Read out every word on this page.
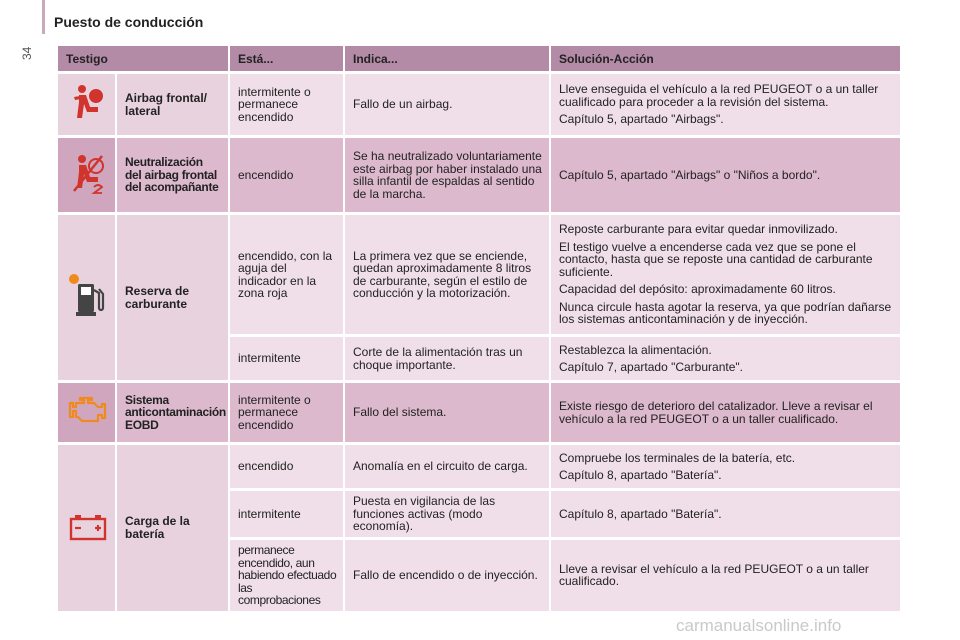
Puesto de conducción
34	Testigo		Está...	Indica...	Solución-Acción
	Airbag frontal/ lateral	intermitente o permanece encendido	Fallo de un airbag.	Lleve enseguida el vehículo a la red PEUGEOT o a un taller cualificado para proceder a la revisión del sistema.
Capítulo 5, apartado "Airbags".

	Neutralización del airbag frontal del acompañante	encendido	Se ha neutralizado voluntariamente este airbag por haber instalado una silla infantil de espaldas al sentido de la marcha.	Capítulo 5, apartado "Airbags" o "Niños a bordo".
	Reserva de carburante	encendido, con la aguja del indicador en la zona roja	La primera vez que se enciende, quedan aproximadamente 8 litros de carburante, según el estilo de conducción y la motorización.	Reposte carburante para evitar quedar inmovilizado.
El testigo vuelve a encenderse cada vez que se pone el contacto, hasta que se reposte una cantidad de carburante suficiente.
Capacidad del depósito: aproximadamente 60 litros.
Nunca circule hasta agotar la reserva, ya que podrían dañarse los sistemas anticontaminación y de inyección.

		intermitente	Corte de la alimentación tras un choque importante.	Restablezca la alimentación.
Capítulo 7, apartado "Carburante".

	Sistema anticontaminación EOBD	intermitente o permanece encendido	Fallo del sistema.	Existe riesgo de deterioro del catalizador. Lleve a revisar el vehículo a la red PEUGEOT o a un taller cualificado.
	Carga de la batería	encendido	Anomalía en el circuito de carga.	Compruebe los terminales de la batería, etc.
Capítulo 8, apartado "Batería".

		intermitente	Puesta en vigilancia de las funciones activas (modo economía).	Capítulo 8, apartado "Batería".
		permanece encendido, aun habiendo efectuado las comprobaciones	Fallo de encendido o de inyección.	Lleve a revisar el vehículo a la red PEUGEOT o a un taller cualificado.
carmanualsonline.info
